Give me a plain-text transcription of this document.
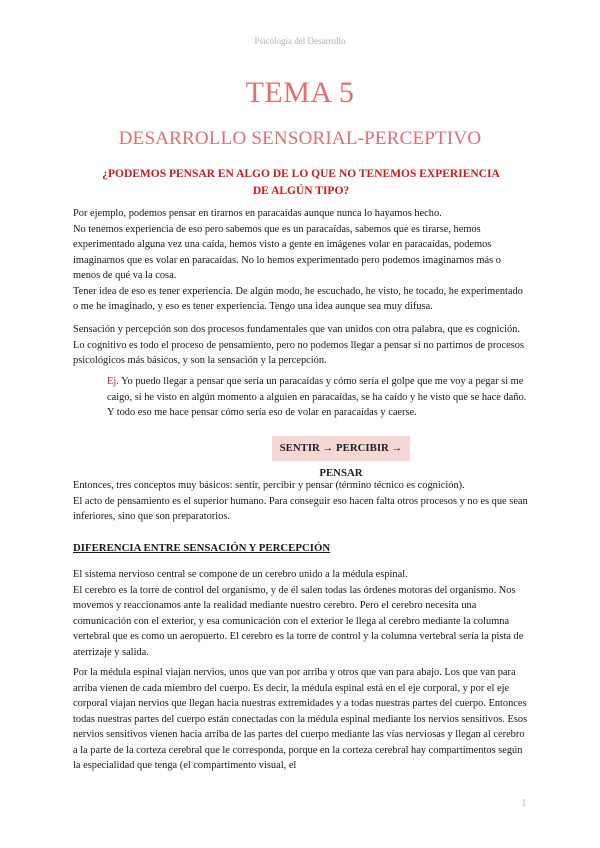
Psicología del Desarrollo
TEMA 5
DESARROLLO SENSORIAL-PERCEPTIVO
¿PODEMOS PENSAR EN ALGO DE LO QUE NO TENEMOS EXPERIENCIA DE ALGÚN TIPO?

Por ejemplo, podemos pensar en tirarnos en paracaídas aunque nunca lo hayamos hecho.

No tenemos experiencia de eso pero sabemos que es un paracaídas, sabemos que es tirarse, hemos experimentado alguna vez una caída, hemos visto a gente en imágenes volar en paracaídas, podemos imaginarnos que es volar en paracaídas. No lo hemos experimentado pero podemos imaginarnos más o menos de qué va la cosa.

Tener idea de eso es tener experiencia. De algún modo, he escuchado, he visto, he tocado, he experimentado o me he imaginado, y eso es tener experiencia. Tengo una idea aunque sea muy difusa.

Sensación y percepción son dos procesos fundamentales que van unidos con otra palabra, que es cognición. Lo cognitivo es todo el proceso de pensamiento, pero no podemos llegar a pensar si no partimos de procesos psicológicos más básicos, y son la sensación y la percepción.

Ej. Yo puedo llegar a pensar que sería un paracaídas y cómo sería el golpe que me voy a pegar si me caigo, si he visto en algún momento a alguien en paracaídas, se ha caído y he visto que se hace daño. Y todo eso me hace pensar cómo sería eso de volar en paracaídas y caerse.
SENTIR → PERCIBIR → PENSAR

Entonces, tres conceptos muy básicos: sentir, percibir y pensar (término técnico es cognición).

El acto de pensamiento es el superior humano. Para conseguir eso hacen falta otros procesos y no es que sean inferiores, sino que son preparatorios.

DIFERENCIA ENTRE SENSACIÓN Y PERCEPCIÓN

El sistema nervioso central se compone de un cerebro unido a la médula espinal.

El cerebro es la torre de control del organismo, y de él salen todas las órdenes motoras del organismo. Nos movemos y reaccionamos ante la realidad mediante nuestro cerebro. Pero el cerebro necesita una comunicación con el exterior, y esa comunicación con el exterior le llega al cerebro mediante la columna vertebral que es como un aeropuerto. El cerebro es la torre de control y la columna vertebral sería la pista de aterrizaje y salida.

Por la médula espinal viajan nervios, unos que van por arriba y otros que van para abajo. Los que van para arriba vienen de cada miembro del cuerpo. Es decir, la médula espinal está en el eje corporal, y por el eje corporal viajan nervios que llegan hacia nuestras extremidades y a todas nuestras partes del cuerpo. Entonces todas nuestras partes del cuerpo están conectadas con la médula espinal mediante los nervios sensitivos. Esos nervios sensitivos vienen hacia arriba de las partes del cuerpo mediante las vías nerviosas y llegan al cerebro a la parte de la corteza cerebral que le corresponda, porque en la corteza cerebral hay compartimentos según la especialidad que tenga (el compartimento visual, el

1
